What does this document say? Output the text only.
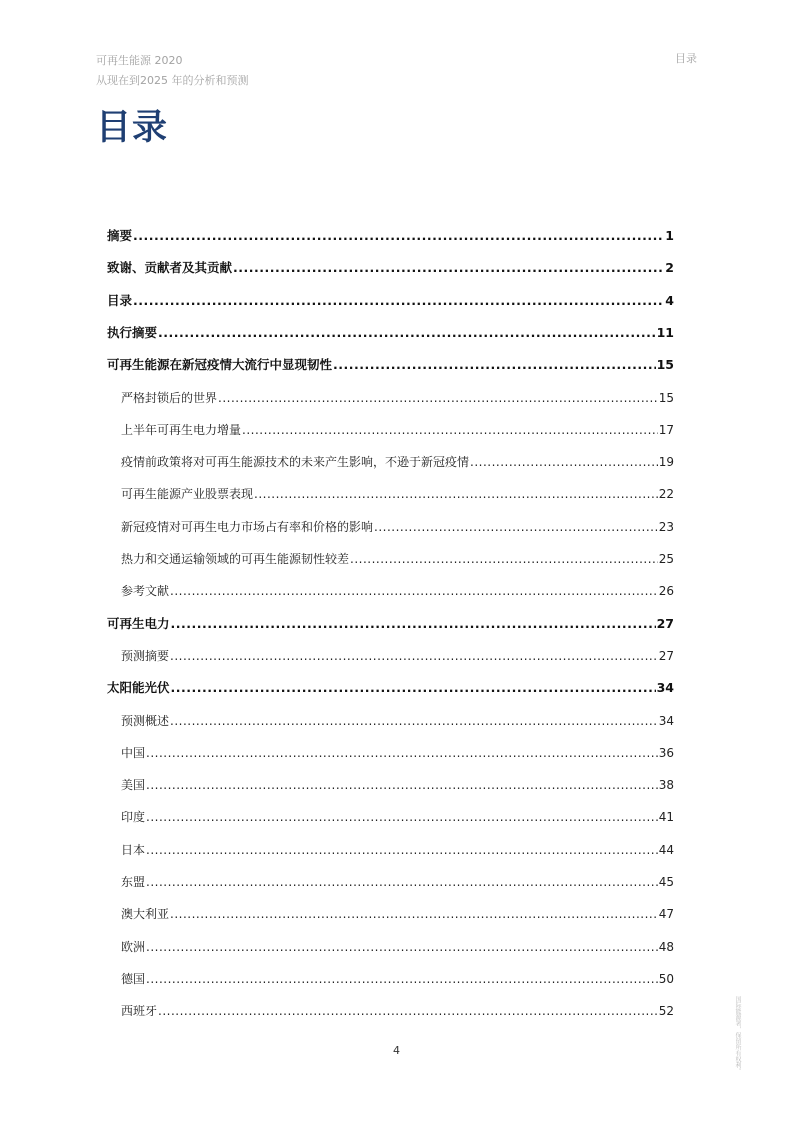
可再生能源 2020
从现在到2025 年的分析和预测
目录
目录
摘要 .....	1
致谢、贡献者及其贡献 .....	2
目录 .....	4
执行摘要 .....	11
可再生能源在新冠疫情大流行中显现韧性 .....	15
严格封锁后的世界 .....	15
上半年可再生电力增量 .....	17
疫情前政策将对可再生能源技术的未来产生影响，不逊于新冠疫情 .....	19
可再生能源产业股票表现 .....	22
新冠疫情对可再生电力市场占有率和价格的影响 .....	23
热力和交通运输领域的可再生能源韧性较差 .....	25
参考文献 .....	26
可再生电力 .....	27
预测摘要 .....	27
太阳能光伏 .....	34
预测概述 .....	34
中国 .....	36
美国 .....	38
印度 .....	41
日本 .....	44
东盟 .....	45
澳大利亚 .....	47
欧洲 .....	48
德国 .....	50
西班牙 .....	52
4	国际能源署，保留所有权利。
